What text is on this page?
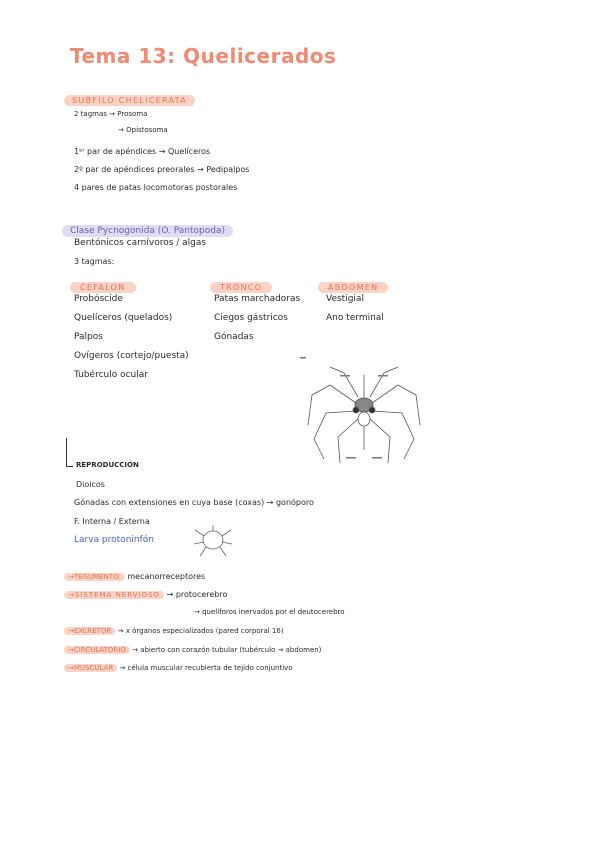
Tema 13: Quelicerados
SUBFILO CHELICERATA
2 tagmas → Prosoma
→ Opistosoma
1ᵉʳ par de apéndices → Quelíceros
2º par de apéndices preorales → Pedipalpos
4 pares de patas locomotoras postorales
Clase Pycnogonida (O. Pantopoda)
Bentónicos carnívoros / algas
3 tagmas:
CEFALON	TRONCO	ABDOMEN
Probóscide
Quelíceros (quelados)
Palpos
Ovígeros (cortejo/puesta)
Tubérculo ocular
Patas marchadoras
Ciegos gástricos
Gónadas
Vestigial
Ano terminal
REPRODUCCIÓN
Dioicos
Gónadas con extensiones en cuya base (coxas) → gonóporo
F. Interna / Externa
Larva protoninfón
→TEGUMENTO: mecanorreceptores
→SISTEMA NERVIOSO → protocerebro
→ quelíforos inervados por el deutocerebro
→EXCRETOR → x órganos especializados (pared corporal 16)
→CIRCULATORIO → abierto con corazón tubular (tubérculo → abdomen)
→MUSCULAR → célula muscular recubierta de tejido conjuntivo
